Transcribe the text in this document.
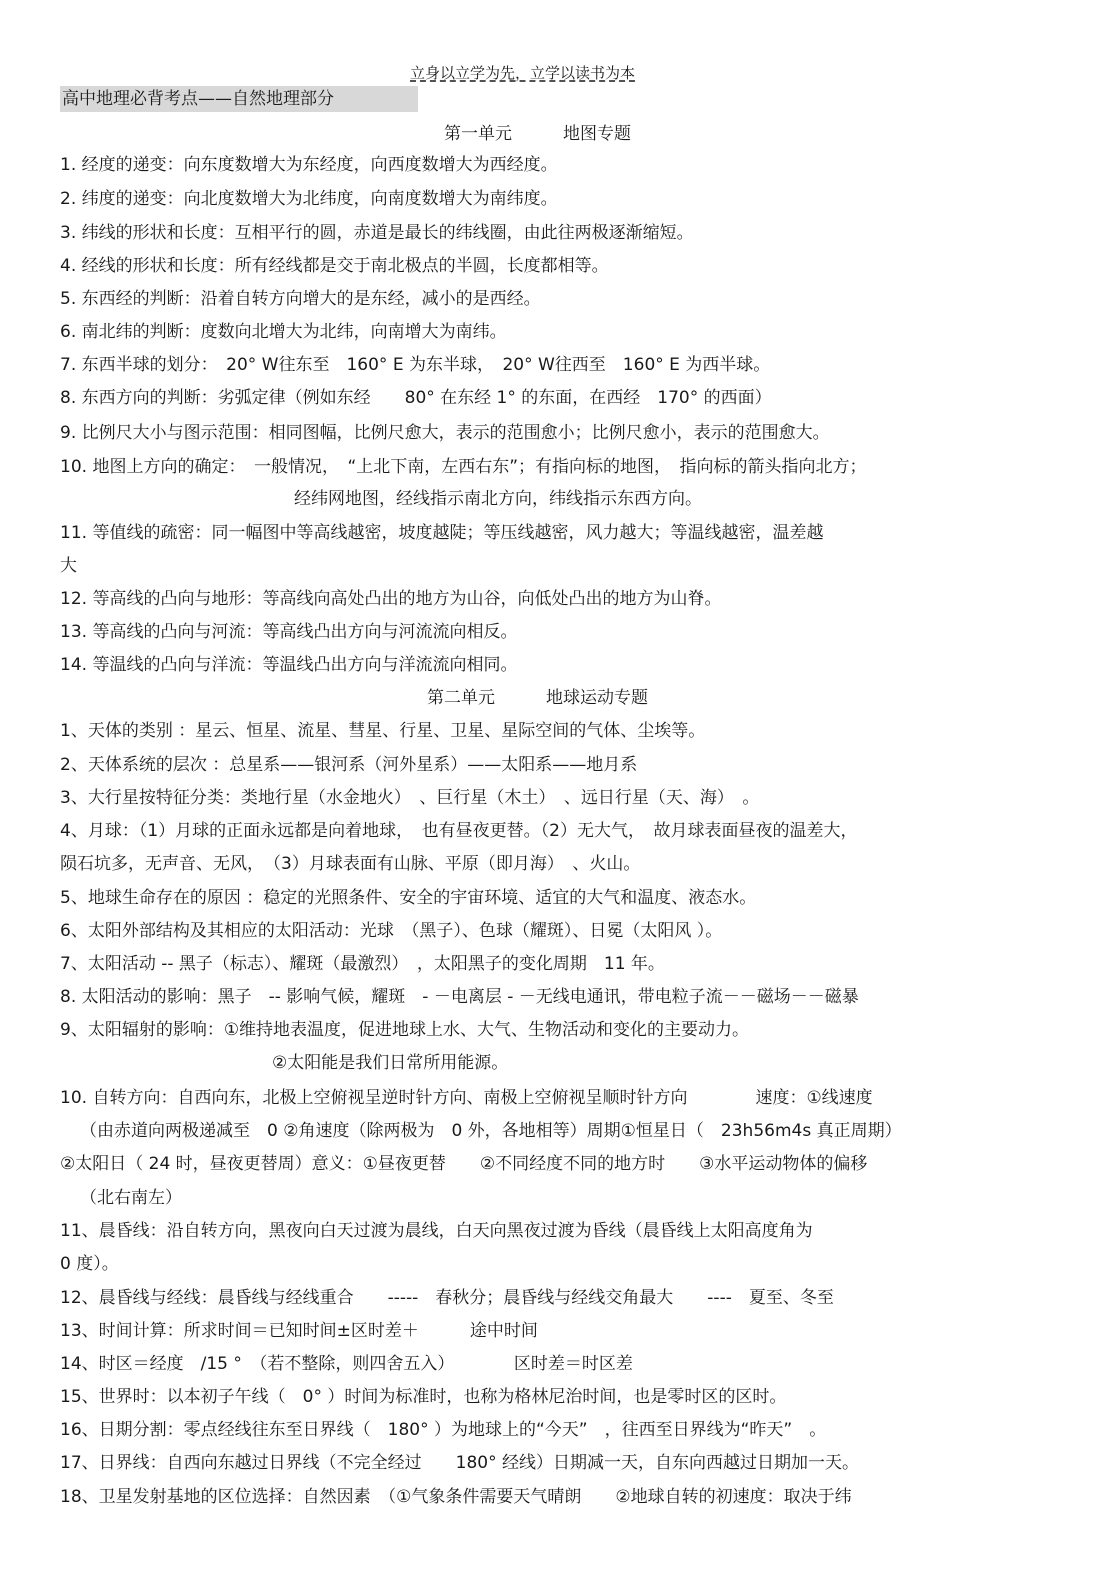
立身以立学为先，立学以读书为本
高中地理必背考点——自然地理部分
第一单元　　　地图专题
1. 经度的递变：向东度数增大为东经度，向西度数增大为西经度。
2. 纬度的递变：向北度数增大为北纬度，向南度数增大为南纬度。
3. 纬线的形状和长度：互相平行的圆，赤道是最长的纬线圈，由此往两极逐渐缩短。
4. 经线的形状和长度：所有经线都是交于南北极点的半圆，长度都相等。
5. 东西经的判断：沿着自转方向增大的是东经，减小的是西经。
6. 南北纬的判断：度数向北增大为北纬，向南增大为南纬。
7. 东西半球的划分：　20° W往东至　160° E 为东半球，　20° W往西至　160° E 为西半球。
8. 东西方向的判断：劣弧定律（例如东经　　80° 在东经 1° 的东面，在西经　170° 的西面）
9. 比例尺大小与图示范围：相同图幅，比例尺愈大，表示的范围愈小；比例尺愈小，表示的范围愈大。
10. 地图上方向的确定：　一般情况，　“上北下南，左西右东”；有指向标的地图，　指向标的箭头指向北方；
经纬网地图，经线指示南北方向，纬线指示东西方向。
11. 等值线的疏密：同一幅图中等高线越密，坡度越陡；等压线越密，风力越大；等温线越密，温差越
大
12. 等高线的凸向与地形：等高线向高处凸出的地方为山谷，向低处凸出的地方为山脊。
13. 等高线的凸向与河流：等高线凸出方向与河流流向相反。
14. 等温线的凸向与洋流：等温线凸出方向与洋流流向相同。
第二单元　　　地球运动专题
1、天体的类别 ：星云、恒星、流星、彗星、行星、卫星、星际空间的气体、尘埃等。
2、天体系统的层次 ：总星系——银河系（河外星系）——太阳系——地月系
3、大行星按特征分类：类地行星（水金地火）　、巨行星（木土）　、远日行星（天、海）　。
4、月球：（1）月球的正面永远都是向着地球，　也有昼夜更替。（2）无大气，　故月球表面昼夜的温差大，
陨石坑多，无声音、无风，　（3）月球表面有山脉、平原（即月海）　、火山。
5、地球生命存在的原因 ：稳定的光照条件、安全的宇宙环境、适宜的大气和温度、液态水。
6、太阳外部结构及其相应的太阳活动：光球　（黑子）、色球（耀斑）、日冕（太阳风 ）。
7、太阳活动 -- 黑子（标志）、耀斑（最激烈）　，太阳黑子的变化周期　11 年。
8. 太阳活动的影响：黑子　-- 影响气候，耀斑　- －电离层 - －无线电通讯，带电粒子流－－磁场－－磁暴
9、太阳辐射的影响：①维持地表温度，促进地球上水、大气、生物活动和变化的主要动力。
②太阳能是我们日常所用能源。
10. 自转方向：自西向东，北极上空俯视呈逆时针方向、南极上空俯视呈顺时针方向　　　　速度：①线速度
（由赤道向两极递减至　0 ②角速度（除两极为　0 外，各地相等）周期①恒星日（　23h56m4s 真正周期）
②太阳日（ 24 时，昼夜更替周）意义：①昼夜更替　　②不同经度不同的地方时　　③水平运动物体的偏移
（北右南左）
11、晨昏线：沿自转方向，黑夜向白天过渡为晨线，白天向黑夜过渡为昏线（晨昏线上太阳高度角为
0 度）。
12、晨昏线与经线：晨昏线与经线重合　　-----　春秋分；晨昏线与经线交角最大　　----　夏至、冬至
13、时间计算：所求时间＝已知时间±区时差＋　　　途中时间
14、时区＝经度　/15 °　（若不整除，则四舍五入）　　　　区时差＝时区差
15、世界时：以本初子午线（　0° ）时间为标准时，也称为格林尼治时间，也是零时区的区时。
16、日期分割：零点经线往东至日界线（　180° ）为地球上的“今天”　，往西至日界线为“昨天”　。
17、日界线：自西向东越过日界线（不完全经过　　180° 经线）日期减一天，自东向西越过日期加一天。
18、卫星发射基地的区位选择：自然因素　（①气象条件需要天气晴朗　　②地球自转的初速度：取决于纬
